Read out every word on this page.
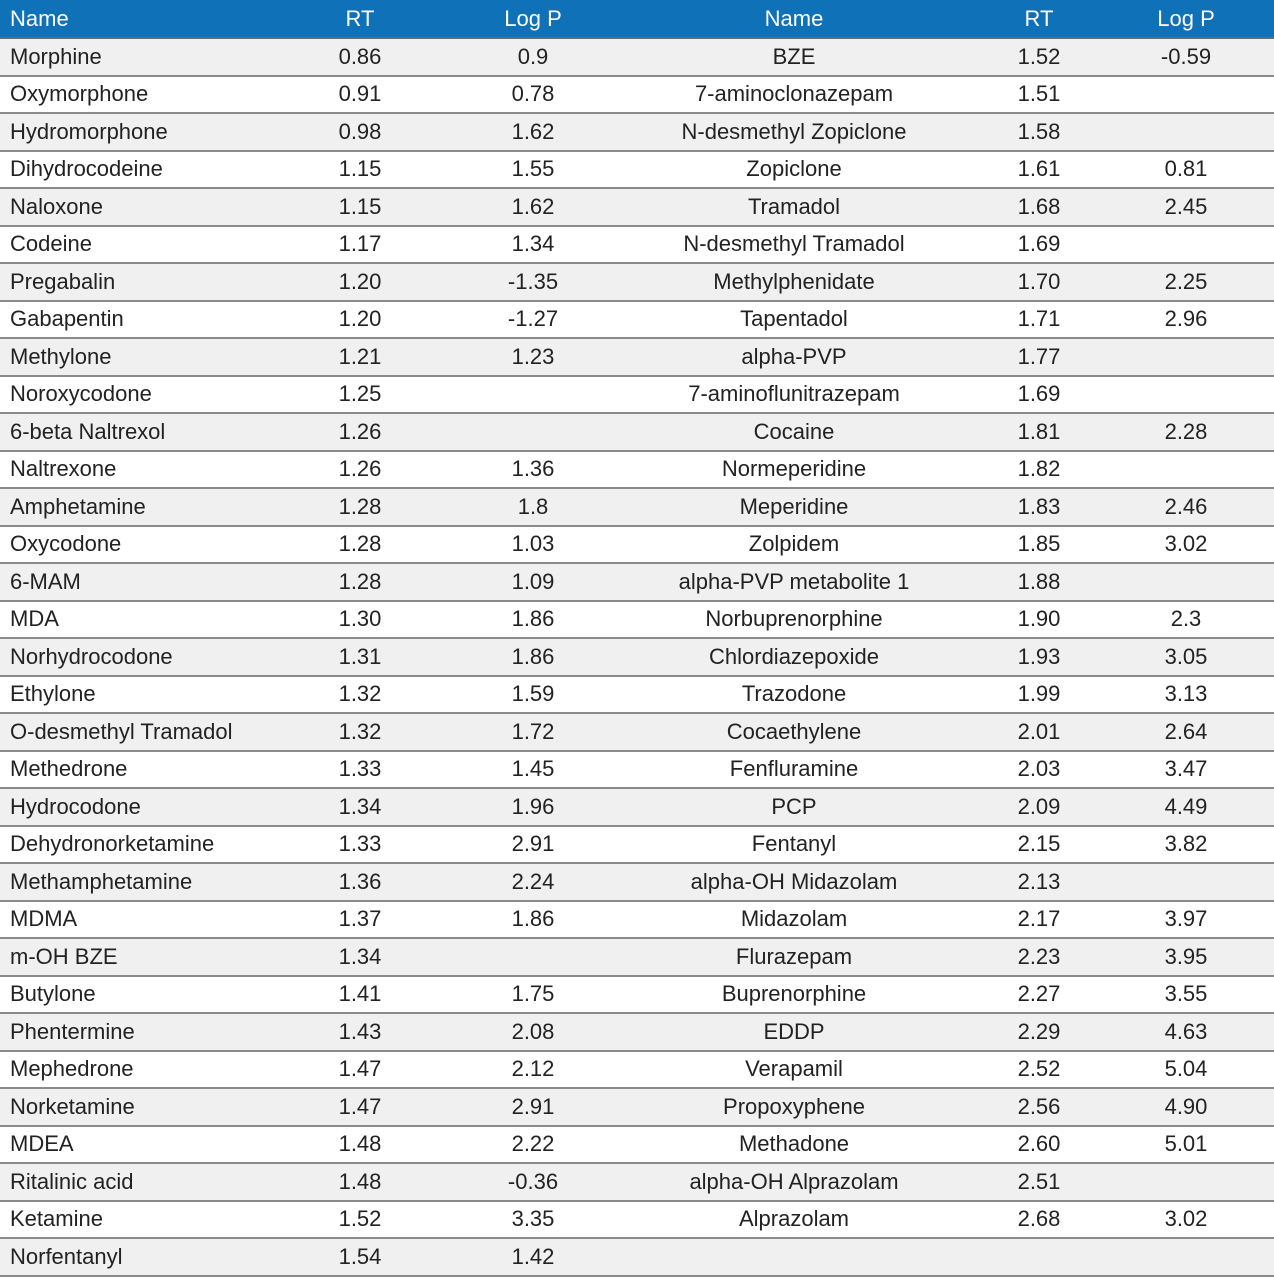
Name	RT	Log P	Name	RT	Log P
Morphine	0.86	0.9	BZE	1.52	-0.59
Oxymorphone	0.91	0.78	7-aminoclonazepam	1.51	
Hydromorphone	0.98	1.62	N-desmethyl Zopiclone	1.58	
Dihydrocodeine	1.15	1.55	Zopiclone	1.61	0.81
Naloxone	1.15	1.62	Tramadol	1.68	2.45
Codeine	1.17	1.34	N-desmethyl Tramadol	1.69	
Pregabalin	1.20	-1.35	Methylphenidate	1.70	2.25
Gabapentin	1.20	-1.27	Tapentadol	1.71	2.96
Methylone	1.21	1.23	alpha-PVP	1.77	
Noroxycodone	1.25		7-aminoflunitrazepam	1.69	
6-beta Naltrexol	1.26		Cocaine	1.81	2.28
Naltrexone	1.26	1.36	Normeperidine	1.82	
Amphetamine	1.28	1.8	Meperidine	1.83	2.46
Oxycodone	1.28	1.03	Zolpidem	1.85	3.02
6-MAM	1.28	1.09	alpha-PVP metabolite 1	1.88	
MDA	1.30	1.86	Norbuprenorphine	1.90	2.3
Norhydrocodone	1.31	1.86	Chlordiazepoxide	1.93	3.05
Ethylone	1.32	1.59	Trazodone	1.99	3.13
O-desmethyl Tramadol	1.32	1.72	Cocaethylene	2.01	2.64
Methedrone	1.33	1.45	Fenfluramine	2.03	3.47
Hydrocodone	1.34	1.96	PCP	2.09	4.49
Dehydronorketamine	1.33	2.91	Fentanyl	2.15	3.82
Methamphetamine	1.36	2.24	alpha-OH Midazolam	2.13	
MDMA	1.37	1.86	Midazolam	2.17	3.97
m-OH BZE	1.34		Flurazepam	2.23	3.95
Butylone	1.41	1.75	Buprenorphine	2.27	3.55
Phentermine	1.43	2.08	EDDP	2.29	4.63
Mephedrone	1.47	2.12	Verapamil	2.52	5.04
Norketamine	1.47	2.91	Propoxyphene	2.56	4.90
MDEA	1.48	2.22	Methadone	2.60	5.01
Ritalinic acid	1.48	-0.36	alpha-OH Alprazolam	2.51	
Ketamine	1.52	3.35	Alprazolam	2.68	3.02
Norfentanyl	1.54	1.42			
